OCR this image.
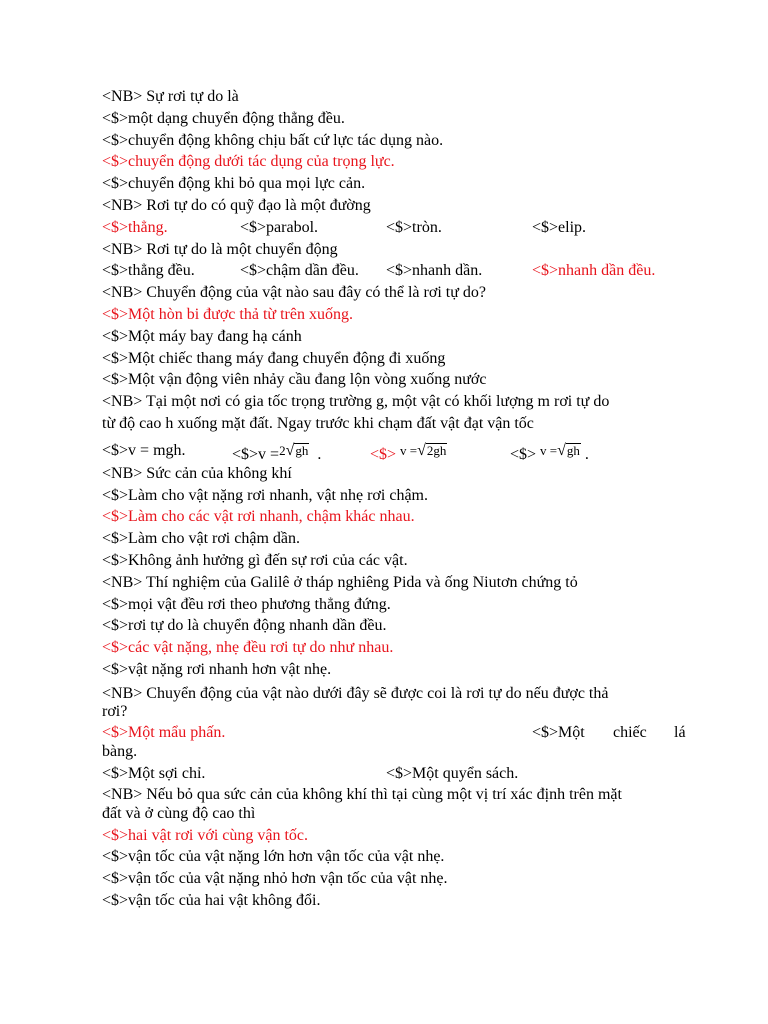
<NB> Sự rơi tự do là
<$>một dạng chuyển động thẳng đều.
<$>chuyển động không chịu bất cứ lực tác dụng nào.
<$>chuyển động dưới tác dụng của trọng lực.
<$>chuyển động khi bỏ qua mọi lực cản.
<NB> Rơi tự do có quỹ đạo là một đường
<$>thẳng.	<$>parabol.	<$>tròn.	<$>elip.
<NB> Rơi tự do là một chuyển động
<$>thẳng đều.	<$>chậm dần đều. <$>nhanh dần.	<$>nhanh dần đều.
<NB> Chuyển động của vật nào sau đây có thể là rơi tự do?
<$>Một hòn bi được thả từ trên xuống.
<$>Một máy bay đang hạ cánh
<$>Một chiếc thang máy đang chuyển động đi xuống
<$>Một vận động viên nhảy cầu đang lộn vòng xuống nước
<NB> Tại một nơi có gia tốc trọng trường g, một vật có khối lượng m rơi tự do
từ độ cao h xuống mặt đất. Ngay trước khi chạm đất vật đạt vận tốc
<$>v = mgh.	<$>v =2√gh .	<$> v =√2gh	<$> v =√gh .
<NB> Sức cản của không khí
<$>Làm cho vật nặng rơi nhanh, vật nhẹ rơi chậm.
<$>Làm cho các vật rơi nhanh, chậm khác nhau.
<$>Làm cho vật rơi chậm dần.
<$>Không ảnh hưởng gì đến sự rơi của các vật.
<NB> Thí nghiệm của Galilê ở tháp nghiêng Pida và ống Niutơn chứng tỏ
<$>mọi vật đều rơi theo phương thẳng đứng.
<$>rơi tự do là chuyển động nhanh dần đều.
<$>các vật nặng, nhẹ đều rơi tự do như nhau.
<$>vật nặng rơi nhanh hơn vật nhẹ.
<NB> Chuyển động của vật nào dưới đây sẽ được coi là rơi tự do nếu được thả
rơi?
<$>Một mẩu phấn.	<$>Một chiếc lá
bàng.
<$>Một sợi chỉ.	<$>Một quyển sách.
<NB> Nếu bỏ qua sức cản của không khí thì tại cùng một vị trí xác định trên mặt
đất và ở cùng độ cao thì
<$>hai vật rơi với cùng vận tốc.
<$>vận tốc của vật nặng lớn hơn vận tốc của vật nhẹ.
<$>vận tốc của vật nặng nhỏ hơn vận tốc của vật nhẹ.
<$>vận tốc của hai vật không đổi.
